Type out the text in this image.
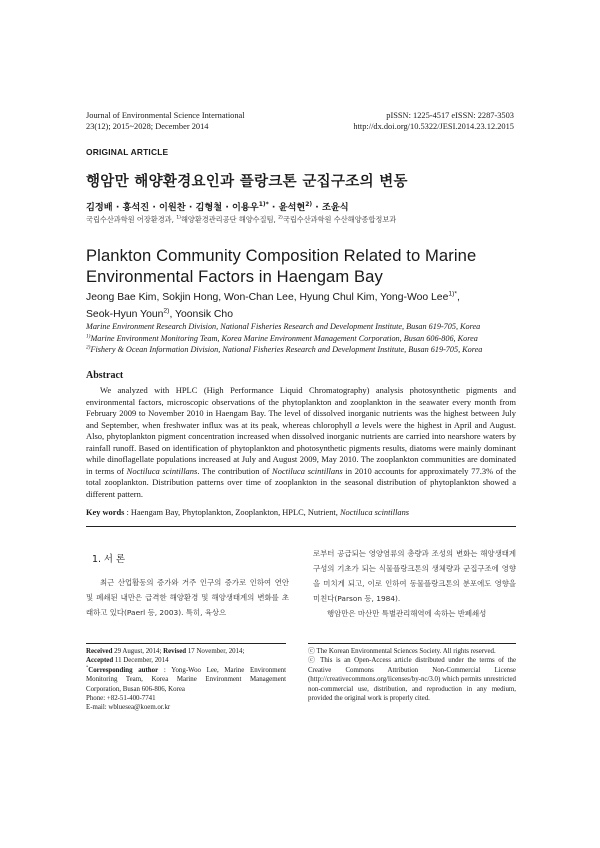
Journal of Environmental Science International
23(12); 2015~2028; December 2014
pISSN: 1225-4517 eISSN: 2287-3503
http://dx.doi.org/10.5322/JESI.2014.23.12.2015
ORIGINAL ARTICLE
행암만 해양환경요인과 플랑크톤 군집구조의 변동
김정배 · 홍석진 · 이원찬 · 김형철 · 이용우$^{1)*}$ · 윤석현$^{2)}$ · 조윤식
국립수산과학원 어장환경과, $^{1)}$해양환경관리공단 해양수질팀, $^{2)}$국립수산과학원 수산해양종합정보과
Plankton Community Composition Related to Marine Environmental Factors in Haengam Bay
Jeong Bae Kim, Sokjin Hong, Won-Chan Lee, Hyung Chul Kim, Yong-Woo Lee$^{1)*}$,
Seok-Hyun Youn$^{2)}$, Yoonsik Cho
Marine Environment Research Division, National Fisheries Research and Development Institute, Busan 619-705, Korea
$^{1)}$Marine Environment Monitoring Team, Korea Marine Environment Management Corporation, Busan 606-806, Korea
$^{2)}$Fishery & Ocean Information Division, National Fisheries Research and Development Institute, Busan 619-705, Korea
Abstract
We analyzed with HPLC (High Performance Liquid Chromatography) analysis photosynthetic pigments and environmental factors, microscopic observations of the phytoplankton and zooplankton in the seawater every month from February 2009 to November 2010 in Haengam Bay. The level of dissolved inorganic nutrients was the highest between July and September, when freshwater influx was at its peak, whereas chlorophyll a levels were the highest in April and August. Also, phytoplankton pigment concentration increased when dissolved inorganic nutrients are carried into nearshore waters by rainfall runoff. Based on identification of phytoplankton and photosynthetic pigments results, diatoms were mainly dominant while dinoflagellate populations increased at July and August 2009, May 2010. The zooplankton communities are dominated in terms of Noctiluca scintillans. The contribution of Noctiluca scintillans in 2010 accounts for approximately 77.3% of the total zooplankton. Distribution patterns over time of zooplankton in the seasonal distribution of phytoplankton showed a different pattern.
Key words : Haengam Bay, Phytoplankton, Zooplankton, HPLC, Nutrient, Noctiluca scintillans
1. 서 론
최근 산업활동의 증가와 거주 인구의 증가로 인하여 연안 및 폐쇄된 내만은 급격한 해양환경 및 해양생태계의 변화를 초래하고 있다(Paerl 등, 2003). 특히, 육상으

로부터 공급되는 영양염류의 총량과 조성의 변화는 해양생태계 구성의 기초가 되는 식물플랑크톤의 생체량과 군집구조에 영향을 미치게 되고, 이로 인하여 동물플랑크톤의 분포에도 영향을 미친다(Parson 등, 1984).

행암만은 마산만 특별관리해역에 속하는 반폐쇄성

Received 29 August, 2014; Revised 17 November, 2014;
Accepted 11 December, 2014
*Corresponding author : Yong-Woo Lee, Marine Environment Monitoring Team, Korea Marine Environment Management Corporation, Busan 606-806, Korea
Phone: +82-51-400-7741
E-mail: wbluesea@koem.or.kr

ⓒ The Korean Environmental Sciences Society. All rights reserved.

ⓒ This is an Open-Access article distributed under the terms of the Creative Commons Attribution Non-Commercial License (http://creativecommons.org/licenses/by-nc/3.0) which permits unrestricted non-commercial use, distribution, and reproduction in any medium, provided the original work is properly cited.
